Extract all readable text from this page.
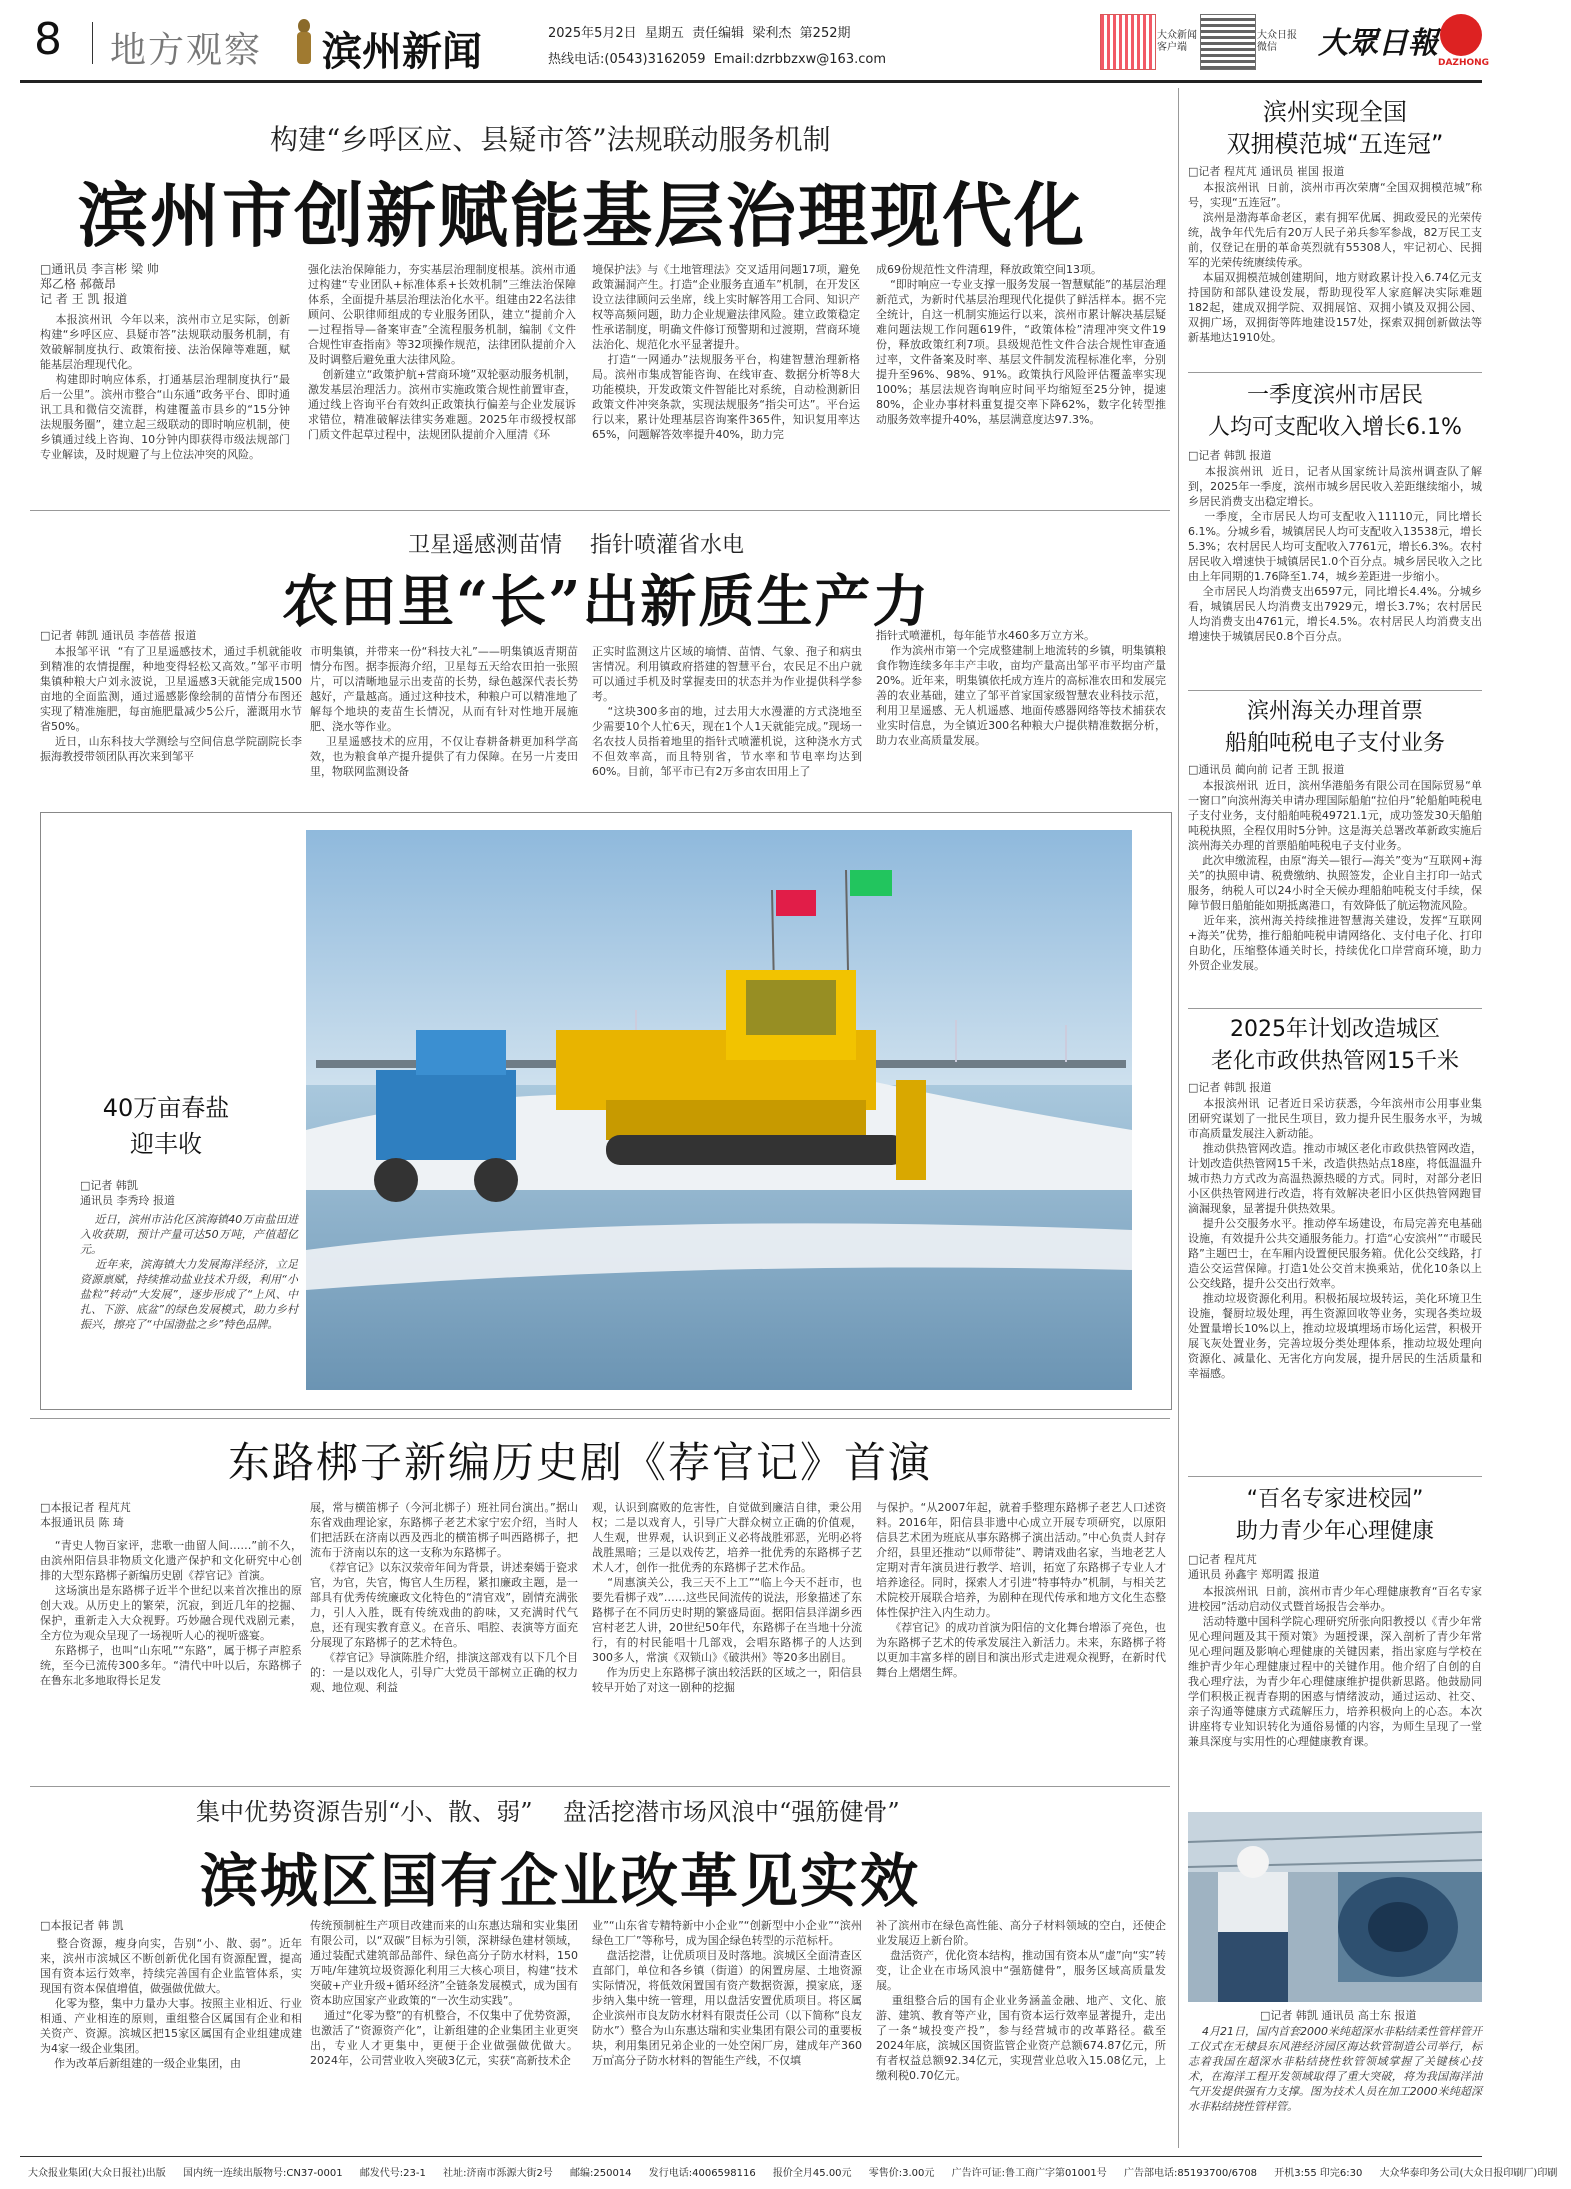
8 地方观察 滨州新闻	2025年5月2日  星期五  责任编辑  梁利杰  第252期
热线电话:(0543)3162059  Email:dzrbbzxw@163.com
大众新闻
客户端
大众日报
微信	大眾日報
DAZHONG
构建“乡呼区应、县疑市答”法规联动服务机制
滨州市创新赋能基层治理现代化
□通讯员 李言彬 梁 帅
郑乙格 郝薇昂
记 者 王 凯 报道
本报滨州讯  今年以来，滨州市立足实际，创新构建“乡呼区应、县疑市答”法规联动服务机制，有效破解制度执行、政策衔接、法治保障等难题，赋能基层治理现代化。
构建即时响应体系，打通基层治理制度执行“最后一公里”。滨州市整合“山东通”政务平台、即时通讯工具和微信交流群，构建覆盖市县乡的“15分钟法规服务圈”，建立起三级联动的即时响应机制，使乡镇通过线上咨询、10分钟内即获得市级法规部门专业解读，及时规避了与上位法冲突的风险。
强化法治保障能力，夯实基层治理制度根基。滨州市通过构建“专业团队+标准体系+长效机制”三维法治保障体系，全面提升基层治理法治化水平。组建由22名法律顾问、公职律师组成的专业服务团队，建立“提前介入—过程指导—备案审查”全流程服务机制，编制《文件合规性审查指南》等32项操作规范，法律团队提前介入及时调整后避免重大法律风险。
创新建立“政策护航+营商环境”双轮驱动服务机制，激发基层治理活力。滨州市实施政策合规性前置审查，通过线上咨询平台有效纠正政策执行偏差与企业发展诉求错位，精准破解法律实务难题。2025年市级授权部门质文件起草过程中，法规团队提前介入厘清《环
境保护法》与《土地管理法》交叉适用问题17项，避免政策漏洞产生。打造“企业服务直通车”机制，在开发区设立法律顾问云坐席，线上实时解答用工合同、知识产权等高频问题，助力企业规避法律风险。建立政策稳定性承诺制度，明确文件修订预警期和过渡期，营商环境法治化、规范化水平显著提升。
打造“一网通办”法规服务平台，构建智慧治理新格局。滨州市集成智能咨询、在线审查、数据分析等8大功能模块，开发政策文件智能比对系统，自动检测新旧政策文件冲突条款，实现法规服务“指尖可达”。平台运行以来，累计处理基层咨询案件365件，知识复用率达65%，问题解答效率提升40%，助力完
成69份规范性文件清理，释放政策空间13项。
“即时响应一专业支撑一服务发展一智慧赋能”的基层治理新范式，为新时代基层治理现代化提供了鲜活样本。据不完全统计，自这一机制实施运行以来，滨州市累计解决基层疑难问题法规工作问题619件，“政策体检”清理冲突文件19份，释放政策红利7项。县级规范性文件合法合规性审查通过率，文件备案及时率、基层文件制发流程标准化率，分别提升至96%、98%、91%。政策执行风险评估覆盖率实现100%；基层法规咨询响应时间平均缩短至25分钟，提速80%，企业办事材料重复提交率下降62%，数字化转型推动服务效率提升40%，基层满意度达97.3%。
卫星遥感测苗情    指针喷灌省水电
农田里“长”出新质生产力
□记者 韩凯 通讯员 李蓓蓓 报道
本报邹平讯  “有了卫星遥感技术，通过手机就能收到精准的农情提醒，种地变得轻松又高效。”邹平市明集镇种粮大户刘永波说，卫星遥感3天就能完成1500亩地的全面监测，通过遥感影像绘制的苗情分布图还实现了精准施肥，每亩施肥量减少5公斤，灌溉用水节省50%。
近日，山东科技大学测绘与空间信息学院副院长李振海教授带领团队再次来到邹平
市明集镇，并带来一份“科技大礼”——明集镇返青期苗情分布图。据李振海介绍，卫星每五天给农田拍一张照片，可以清晰地显示出麦苗的长势，绿色越深代表长势越好，产量越高。通过这种技术，种粮户可以精准地了解每个地块的麦苗生长情况，从而有针对性地开展施肥、浇水等作业。
卫星遥感技术的应用，不仅让春耕备耕更加科学高效，也为粮食单产提升提供了有力保障。在另一片麦田里，物联网监测设备
正实时监测这片区域的墒情、苗情、气象、孢子和病虫害情况。利用镇政府搭建的智慧平台，农民足不出户就可以通过手机及时掌握麦田的状态并为作业提供科学参考。
“这块300多亩的地，过去用大水漫灌的方式浇地至少需要10个人忙6天，现在1个人1天就能完成。”现场一名农技人员指着地里的指针式喷灌机说，这种浇水方式不但效率高，而且特别省，节水率和节电率均达到60%。目前，邹平市已有2万多亩农田用上了
指针式喷灌机，每年能节水460多万立方米。
作为滨州市第一个完成整建制上地流转的乡镇，明集镇粮食作物连续多年丰产丰收，亩均产量高出邹平市平均亩产量20%。近年来，明集镇依托成方连片的高标准农田和发展完善的农业基础，建立了邹平首家国家级智慧农业科技示范，利用卫星遥感、无人机遥感、地面传感器网络等技术捕获农业实时信息，为全镇近300名种粮大户提供精准数据分析，助力农业高质量发展。
40万亩春盐
迎丰收
□记者 韩凯
通讯员 李秀玲 报道
近日，滨州市沾化区滨海镇40万亩盐田进入收获期，预计产量可达50万吨，产值超亿元。
近年来，滨海镇大力发展海洋经济，立足资源禀赋，持续推动盐业技术升级，利用“小盐粒”转动“大发展”，逐步形成了“上风、中扎、下游、底盆”的绿色发展模式，助力乡村振兴，擦亮了“中国渤盐之乡”特色品牌。
东路梆子新编历史剧《荐官记》首演
□本报记者 程芃芃
本报通讯员 陈 琦
“青史人物百家评，悲歌一曲留人间……”前不久，由滨州阳信县非物质文化遗产保护和文化研究中心创排的大型东路梆子新编历史剧《荐官记》首演。
这场演出是东路梆子近半个世纪以来首次推出的原创大戏。从历史上的繁荣，沉寂，到近几年的挖掘、保护，重新走入大众视野。巧妙融合现代戏剧元素，全方位为观众呈现了一场视听人心的视听盛宴。
东路梆子，也叫“山东吼”“东路”，属于梆子声腔系统，至今已流传300多年。“清代中叶以后，东路梆子在鲁东北多地取得长足发
展，常与横笛梆子（今河北梆子）班社同台演出。”据山东省戏曲理论家，东路梆子老艺术家宁宏介绍，当时人们把活跃在济南以西及西北的横笛梆子叫西路梆子，把流布于济南以东的这一支称为东路梆子。
《荐官记》以东汉荥帝年间为背景，讲述秦嫣于瓷求官，为官，失官，悔官人生历程，紧扣廉政主题，是一部具有优秀传统廉政文化特色的“清官戏”，剧情充满张力，引人入胜，既有传统戏曲的韵味，又充满时代气息，还有现实教育意义。在音乐、唱腔、表演等方面充分展现了东路梆子的艺术特色。
《荐官记》导演陈胜介绍，排演这部戏有以下几个目的：一是以戏化人，引导广大党员干部树立正确的权力观、地位观、利益
观，认识到腐败的危害性，自觉做到廉洁自律，秉公用权；二是以戏育人，引导广大群众树立正确的价值观，人生观，世界观，认识到正义必将战胜邪恶，光明必将战胜黑暗；三是以戏传艺，培养一批优秀的东路梆子艺术人才，创作一批优秀的东路梆子艺术作品。
“周惠演关公，我三天不上工”“临上今天不赶市，也要先看梆子戏”……这些民间流传的说法，形象描述了东路梆子在不同历史时期的繁盛局面。据阳信县洋湖乡西宫村老艺人讲，20世纪50年代，东路梆子在当地十分流行，有的村民能唱十几部戏，会唱东路梆子的人达到300多人，常演《双锁山》《破洪州》等20多出剧目。
作为历史上东路梆子演出较活跃的区域之一，阳信县较早开始了对这一剧种的挖掘
与保护。“从2007年起，就着手整理东路梆子老艺人口述资料。2016年，阳信县非遗中心成立开展专项研究，以原阳信县艺术团为班底从事东路梆子演出活动。”中心负责人封存介绍，县里还推动“以师带徒”、聘请戏曲名家，当地老艺人定期对青年演员进行教学、培训，拓宽了东路梆子专业人才培养途径。同时，探索人才引进“特事特办”机制，与相关艺术院校开展联合培养，为剧种在现代传承和地方文化生态整体性保护注入内生动力。
《荐官记》的成功首演为阳信的文化舞台增添了亮色，也为东路梆子艺术的传承发展注入新活力。未来，东路梆子将以更加丰富多样的剧目和演出形式走进观众视野，在新时代舞台上熠熠生辉。
集中优势资源告别“小、散、弱”    盘活挖潜市场风浪中“强筋健骨”
滨城区国有企业改革见实效
□本报记者 韩 凯
整合资源，瘦身向实，告别“小、散、弱”。近年来，滨州市滨城区不断创新优化国有资源配置，提高国有资本运行效率，持续完善国有企业监管体系，实现国有资本保值增值，做强做优做大。
化零为整，集中力量办大事。按照主业相近、行业相通、产业相连的原则，重组整合区属国有企业和相关资产、资源。滨城区把15家区属国有企业组建成建为4家一级企业集团。
作为改革后新组建的一级企业集团，由
传统预制桩生产项目改建而来的山东惠达瑞和实业集团有限公司，以“双碳”目标为引领，深耕绿色建材领域，通过装配式建筑部品部件、绿色高分子防水材料，150万吨/年建筑垃圾资源化利用三大核心项目，构建“技术突破+产业升级+循环经济”全链条发展模式，成为国有资本助应国家产业政策的“一次生动实践”。
通过“化零为整”的有机整合，不仅集中了优势资源，也激活了“资源资产化”，让新组建的企业集团主业更突出，专业人才更集中，更便于企业做强做优做大。2024年，公司营业收入突破3亿元，实获“高新技术企
业”“山东省专精特新中小企业”“创新型中小企业”“滨州绿色工厂”等称号，成为国企绿色转型的示范标杆。
盘活挖潜，让优质项目及时落地。滨城区全面清查区直部门，单位和各乡镇（街道）的闲置房屋、土地资源实际情况，将低效闲置国有资产数据资源，摸家底，逐步纳入集中统一管理，用以盘活安置优质项目。将区属企业滨州市良友防水材料有限责任公司（以下简称“良友防水”）整合为山东惠达瑞和实业集团有限公司的重要板块，利用集团兄弟企业的一处空闲厂房，建成年产360万㎡高分子防水材料的智能生产线，不仅填
补了滨州市在绿色高性能、高分子材料领域的空白，还使企业发展迈上新台阶。
盘活资产，优化资本结构，推动国有资本从“虚”向“实”转变，让企业在市场风浪中“强筋健骨”，服务区域高质量发展。
重组整合后的国有企业业务涵盖金融、地产、文化、旅游、建筑、教育等产业，国有资本运行效率显著提升，走出了一条“城投变产投”，参与经营城市的改革路径。截至2024年底，滨城区国资监管企业资产总额674.87亿元，所有者权益总额92.34亿元，实现营业总收入15.08亿元，上缴利税0.70亿元。
滨州实现全国
双拥模范城“五连冠”
□记者 程芃芃 通讯员 崔国 报道
本报滨州讯  日前，滨州市再次荣膺“全国双拥模范城”称号，实现“五连冠”。
滨州是渤海革命老区，素有拥军优属、拥政爱民的光荣传统，战争年代先后有20万人民子弟兵参军参战，82万民工支前，仅登记在册的革命英烈就有55308人，牢记初心、民拥军的光荣传统赓续传承。
本届双拥模范城创建期间，地方财政累计投入6.74亿元支持国防和部队建设发展，帮助现役军人家庭解决实际难题182起，建成双拥学院、双拥展馆、双拥小镇及双拥公园、双拥广场，双拥街等阵地建设157处，探索双拥创新做法等新基地达1910处。
一季度滨州市居民
人均可支配收入增长6.1%
□记者 韩凯 报道
本报滨州讯  近日，记者从国家统计局滨州调查队了解到，2025年一季度，滨州市城乡居民收入差距继续缩小，城乡居民消费支出稳定增长。
一季度，全市居民人均可支配收入11110元，同比增长6.1%。分城乡看，城镇居民人均可支配收入13538元，增长5.3%；农村居民人均可支配收入7761元，增长6.3%。农村居民收入增速快于城镇居民1.0个百分点。城乡居民收入之比由上年同期的1.76降至1.74，城乡差距进一步缩小。
全市居民人均消费支出6597元，同比增长4.4%。分城乡看，城镇居民人均消费支出7929元，增长3.7%；农村居民人均消费支出4761元，增长4.5%。农村居民人均消费支出增速快于城镇居民0.8个百分点。
滨州海关办理首票
船舶吨税电子支付业务
□通讯员 蔺向前 记者 王凯 报道
本报滨州讯  近日，滨州华港船务有限公司在国际贸易“单一窗口”向滨州海关申请办理国际船舶“拉伯丹”轮船舶吨税电子支付业务，支付船舶吨税49721.1元，成功签发30天船舶吨税执照，全程仅用时5分钟。这是海关总署改革新政实施后滨州海关办理的首票船舶吨税电子支付业务。
此次申缴流程，由原“海关—银行—海关”变为“互联网+海关”的执照申请、税费缴纳、执照签发，企业自主打印一站式服务，纳税人可以24小时全天候办理船舶吨税支付手续，保障节假日船舶能如期抵离港口，有效降低了航运物流风险。
近年来，滨州海关持续推进智慧海关建设，发挥“互联网+海关”优势，推行船舶吨税申请网络化、支付电子化、打印自助化，压缩整体通关时长，持续优化口岸营商环境，助力外贸企业发展。
2025年计划改造城区
老化市政供热管网15千米
□记者 韩凯 报道
本报滨州讯  记者近日采访获悉，今年滨州市公用事业集团研究谋划了一批民生项目，致力提升民生服务水平，为城市高质量发展注入新动能。
推动供热管网改造。推动市城区老化市政供热管网改造，计划改造供热管网15千米，改造供热站点18座，将低温温升城市热力方式改为高温热源热暖的方式。同时，对部分老旧小区供热管网进行改造，将有效解决老旧小区供热管网跑冒滴漏现象，显著提升供热效果。
提升公交服务水平。推动停车场建设，布局完善充电基础设施，有效提升公共交通服务能力。打造“心安滨州”“市暖民路”主题巴士，在车厢内设置便民服务箱。优化公交线路，打造公交运营保障。打造1处公交首末换乘站，优化10条以上公交线路，提升公交出行效率。
推动垃圾资源化利用。积极拓展垃圾转运，美化环境卫生设施，餐厨垃圾处理，再生资源回收等业务，实现各类垃圾处置量增长10%以上，推动垃圾填埋场市场化运营，积极开展飞灰处置业务，完善垃圾分类处理体系，推动垃圾处理向资源化、减量化、无害化方向发展，提升居民的生活质量和幸福感。
“百名专家进校园”
助力青少年心理健康
□记者 程芃芃
通讯员 孙鑫宇 郑明霞 报道
本报滨州讯  日前，滨州市青少年心理健康教育“百名专家进校园”活动启动仪式暨首场报告会举办。
活动特邀中国科学院心理研究所张向阳教授以《青少年常见心理问题及其干预对策》为题授课，深入剖析了青少年常见心理问题及影响心理健康的关键因素，指出家庭与学校在维护青少年心理健康过程中的关键作用。他介绍了自创的自我心理疗法，为青少年心理健康维护提供新思路。他鼓励同学们积极正视青春期的困惑与情绪波动，通过运动、社交、亲子沟通等健康方式疏解压力，培养积极向上的心态。本次讲座将专业知识转化为通俗易懂的内容，为师生呈现了一堂兼具深度与实用性的心理健康教育课。
□记者 韩凯 通讯员 高士东 报道
4月21日，国内首套2000米纯超深水非粘结柔性管样管开工仪式在无棣县东风港经济园区海达软管制造公司举行，标志着我国在超深水非粘结挠性软管领域掌握了关键核心技术，在海洋工程开发领域取得了重大突破，将为我国海洋油气开发提供强有力支撑。图为技术人员在加工2000米纯超深水非粘结挠性管样管。
大众报业集团(大众日报社)出版 国内统一连续出版物号:CN37-0001 邮发代号:23-1 社址:济南市泺源大街2号 邮编:250014 发行电话:4006598116 报价全月45.00元 零售价:3.00元 广告许可证:鲁工商广字第01001号 广告部电话:85193700/6708 开机3:55 印完6:30 大众华泰印务公司(大众日报印刷厂)印刷
